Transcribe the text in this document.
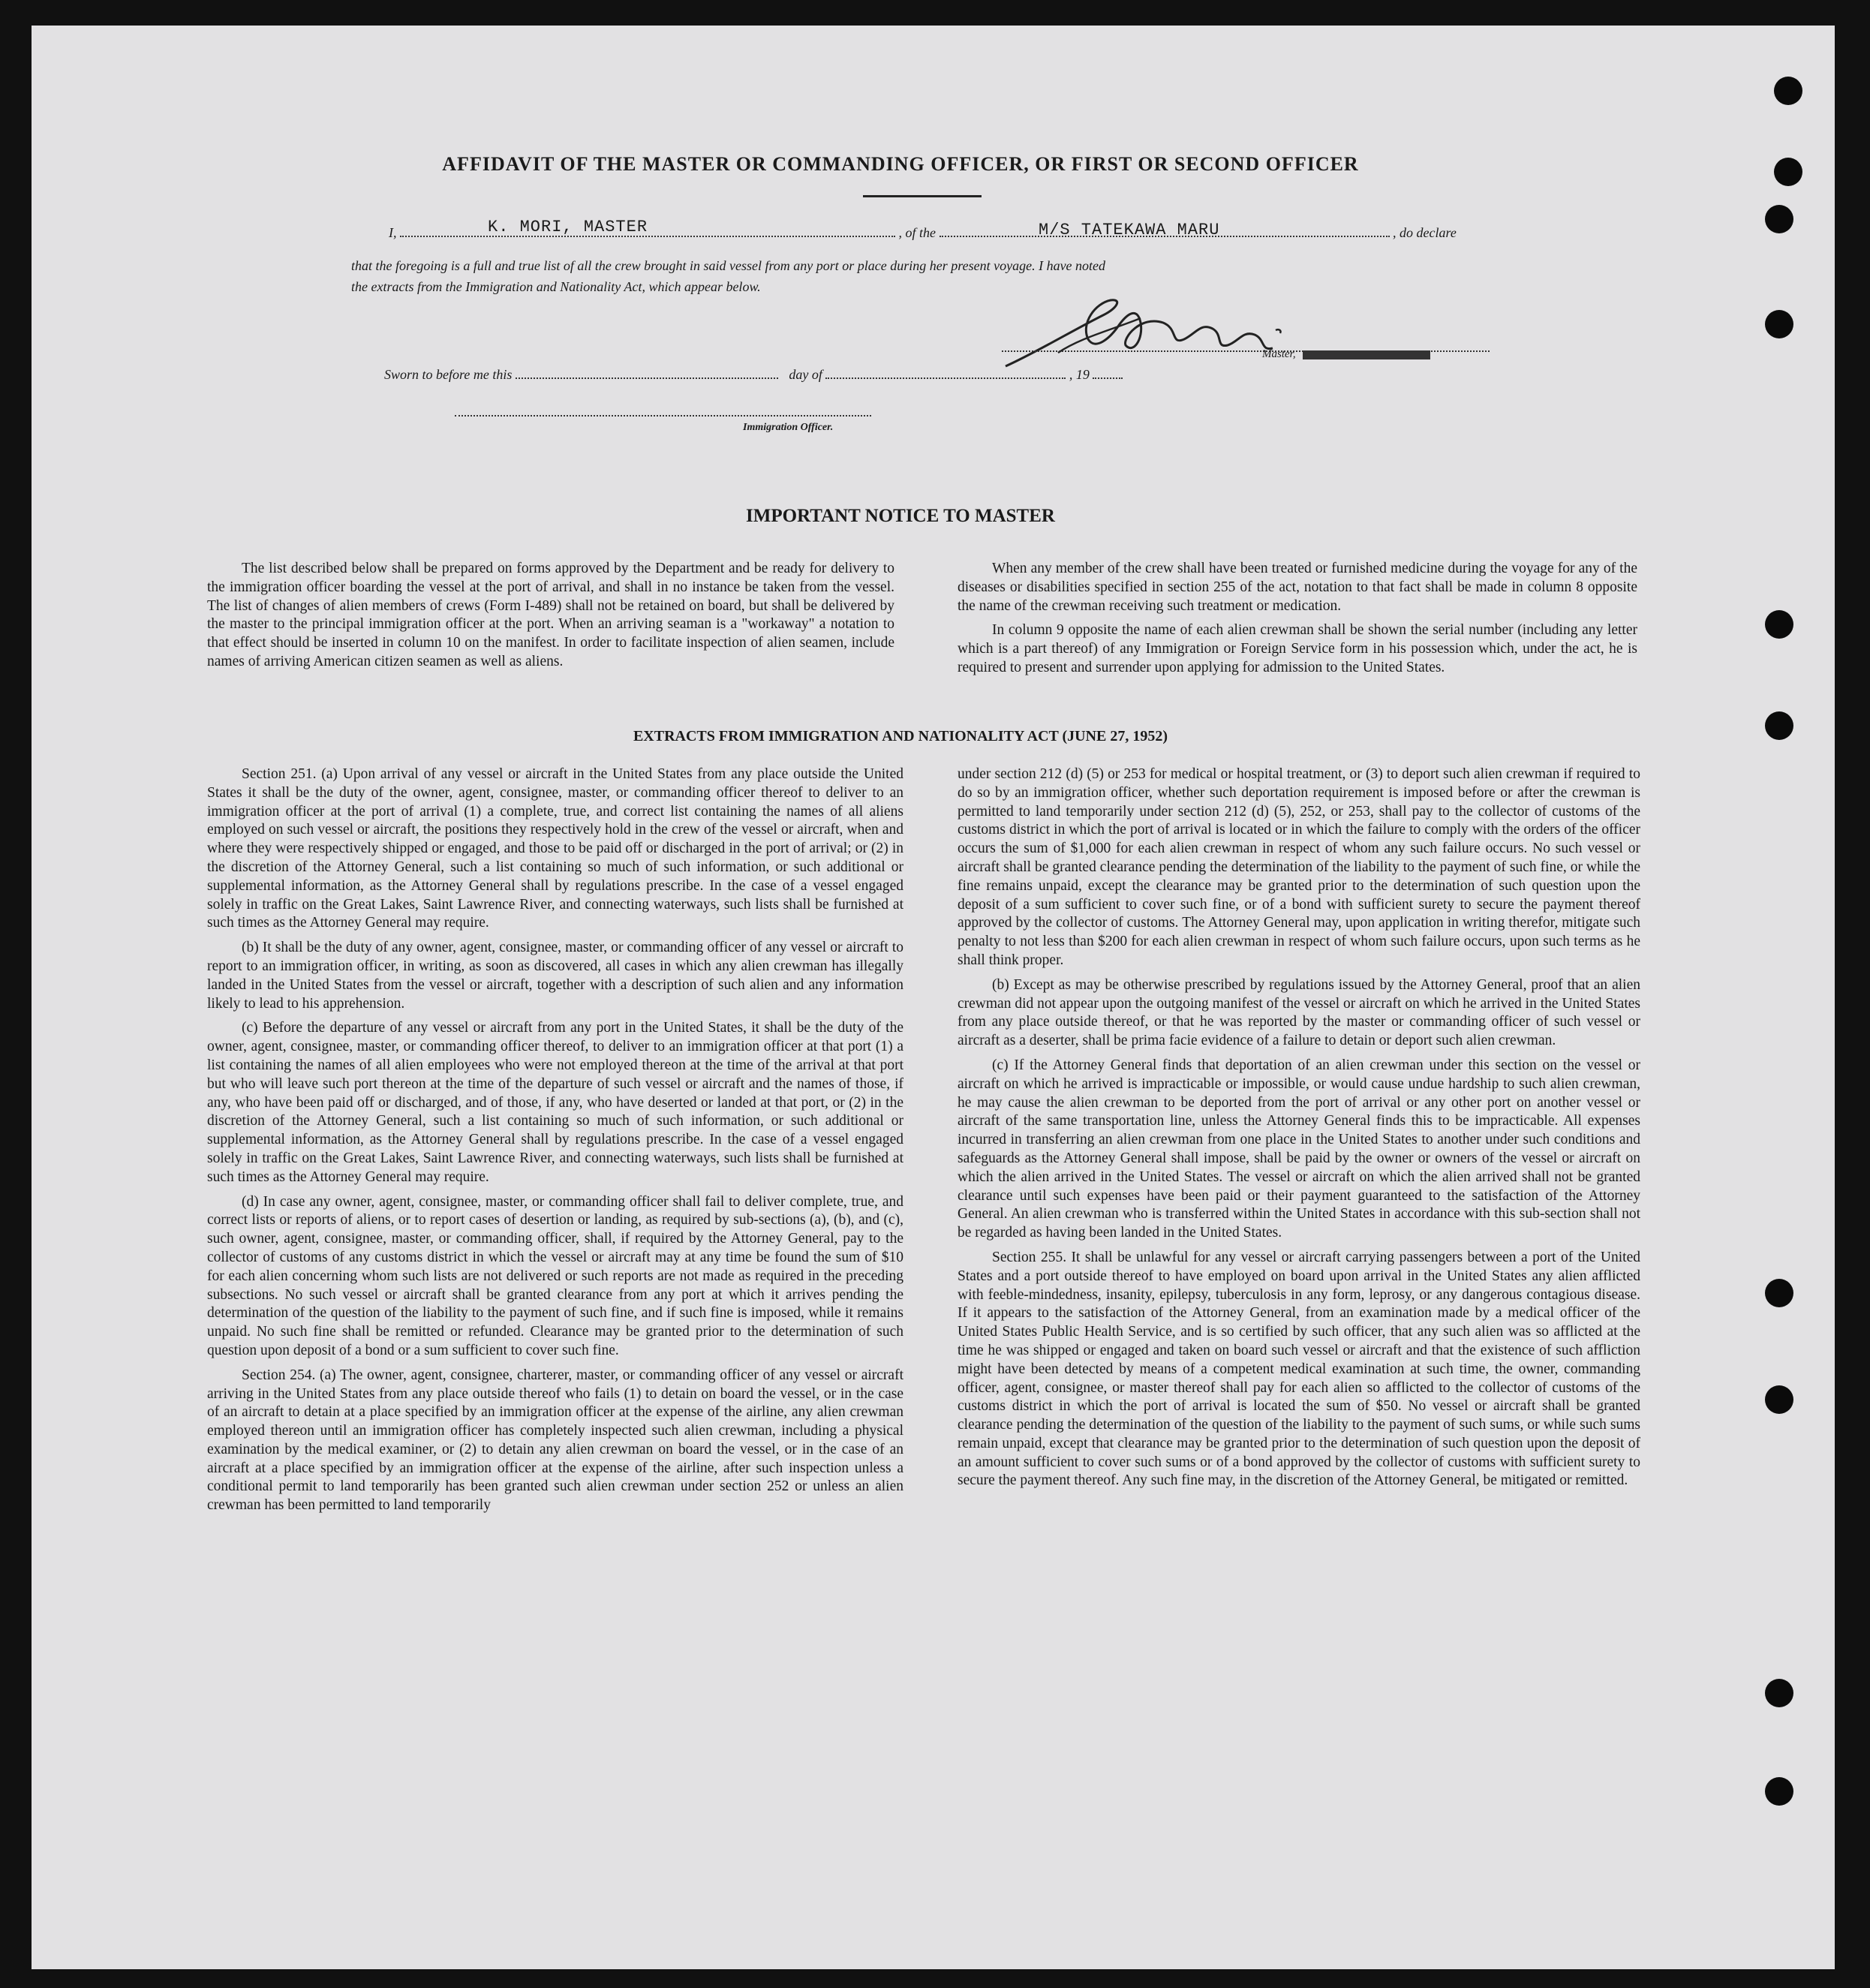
AFFIDAVIT OF THE MASTER OR COMMANDING OFFICER, OR FIRST OR SECOND OFFICER
I,	, of the	, do declare
K. MORI, MASTER	M/S TATEKAWA MARU
that the foregoing is a full and true list of all the crew brought in said vessel from any port or place during her present voyage. I have noted
the extracts from the Immigration and Nationality Act, which appear below.
Master,
Sworn to before me this	day of	, 19
Immigration Officer.
IMPORTANT NOTICE TO MASTER

The list described below shall be prepared on forms approved by the Department and be ready for delivery to the immigration officer boarding the vessel at the port of arrival, and shall in no instance be taken from the vessel. The list of changes of alien members of crews (Form I-489) shall not be retained on board, but shall be delivered by the master to the principal immigration officer at the port. When an arriving seaman is a "workaway" a notation to that effect should be inserted in column 10 on the manifest. In order to facilitate inspection of alien seamen, include names of arriving American citizen seamen as well as aliens.

When any member of the crew shall have been treated or furnished medicine during the voyage for any of the diseases or disabilities specified in section 255 of the act, notation to that fact shall be made in column 8 opposite the name of the crewman receiving such treatment or medication.

In column 9 opposite the name of each alien crewman shall be shown the serial number (including any letter which is a part thereof) of any Immigration or Foreign Service form in his possession which, under the act, he is required to present and surrender upon applying for admission to the United States.

EXTRACTS FROM IMMIGRATION AND NATIONALITY ACT (JUNE 27, 1952)

Section 251. (a) Upon arrival of any vessel or aircraft in the United States from any place outside the United States it shall be the duty of the owner, agent, consignee, master, or commanding officer thereof to deliver to an immigration officer at the port of arrival (1) a complete, true, and correct list containing the names of all aliens employed on such vessel or aircraft, the positions they respectively hold in the crew of the vessel or aircraft, when and where they were respectively shipped or engaged, and those to be paid off or discharged in the port of arrival; or (2) in the discretion of the Attorney General, such a list containing so much of such information, or such additional or supplemental information, as the Attorney General shall by regulations prescribe. In the case of a vessel engaged solely in traffic on the Great Lakes, Saint Lawrence River, and connecting waterways, such lists shall be furnished at such times as the Attorney General may require.

(b) It shall be the duty of any owner, agent, consignee, master, or commanding officer of any vessel or aircraft to report to an immigration officer, in writing, as soon as discovered, all cases in which any alien crewman has illegally landed in the United States from the vessel or aircraft, together with a description of such alien and any information likely to lead to his apprehension.

(c) Before the departure of any vessel or aircraft from any port in the United States, it shall be the duty of the owner, agent, consignee, master, or commanding officer thereof, to deliver to an immigration officer at that port (1) a list containing the names of all alien employees who were not employed thereon at the time of the arrival at that port but who will leave such port thereon at the time of the departure of such vessel or aircraft and the names of those, if any, who have been paid off or discharged, and of those, if any, who have deserted or landed at that port, or (2) in the discretion of the Attorney General, such a list containing so much of such information, or such additional or supplemental information, as the Attorney General shall by regulations prescribe. In the case of a vessel engaged solely in traffic on the Great Lakes, Saint Lawrence River, and connecting waterways, such lists shall be furnished at such times as the Attorney General may require.

(d) In case any owner, agent, consignee, master, or commanding officer shall fail to deliver complete, true, and correct lists or reports of aliens, or to report cases of desertion or landing, as required by sub-sections (a), (b), and (c), such owner, agent, consignee, master, or commanding officer, shall, if required by the Attorney General, pay to the collector of customs of any customs district in which the vessel or aircraft may at any time be found the sum of $10 for each alien concerning whom such lists are not delivered or such reports are not made as required in the preceding subsections. No such vessel or aircraft shall be granted clearance from any port at which it arrives pending the determination of the question of the liability to the payment of such fine, and if such fine is imposed, while it remains unpaid. No such fine shall be remitted or refunded. Clearance may be granted prior to the determination of such question upon deposit of a bond or a sum sufficient to cover such fine.

Section 254. (a) The owner, agent, consignee, charterer, master, or commanding officer of any vessel or aircraft arriving in the United States from any place outside thereof who fails (1) to detain on board the vessel, or in the case of an aircraft to detain at a place specified by an immigration officer at the expense of the airline, any alien crewman employed thereon until an immigration officer has completely inspected such alien crewman, including a physical examination by the medical examiner, or (2) to detain any alien crewman on board the vessel, or in the case of an aircraft at a place specified by an immigration officer at the expense of the airline, after such inspection unless a conditional permit to land temporarily has been granted such alien crewman under section 252 or unless an alien crewman has been permitted to land temporarily

under section 212 (d) (5) or 253 for medical or hospital treatment, or (3) to deport such alien crewman if required to do so by an immigration officer, whether such deportation requirement is imposed before or after the crewman is permitted to land temporarily under section 212 (d) (5), 252, or 253, shall pay to the collector of customs of the customs district in which the port of arrival is located or in which the failure to comply with the orders of the officer occurs the sum of $1,000 for each alien crewman in respect of whom any such failure occurs. No such vessel or aircraft shall be granted clearance pending the determination of the liability to the payment of such fine, or while the fine remains unpaid, except the clearance may be granted prior to the determination of such question upon the deposit of a sum sufficient to cover such fine, or of a bond with sufficient surety to secure the payment thereof approved by the collector of customs. The Attorney General may, upon application in writing therefor, mitigate such penalty to not less than $200 for each alien crewman in respect of whom such failure occurs, upon such terms as he shall think proper.

(b) Except as may be otherwise prescribed by regulations issued by the Attorney General, proof that an alien crewman did not appear upon the outgoing manifest of the vessel or aircraft on which he arrived in the United States from any place outside thereof, or that he was reported by the master or commanding officer of such vessel or aircraft as a deserter, shall be prima facie evidence of a failure to detain or deport such alien crewman.

(c) If the Attorney General finds that deportation of an alien crewman under this section on the vessel or aircraft on which he arrived is impracticable or impossible, or would cause undue hardship to such alien crewman, he may cause the alien crewman to be deported from the port of arrival or any other port on another vessel or aircraft of the same transportation line, unless the Attorney General finds this to be impracticable. All expenses incurred in transferring an alien crewman from one place in the United States to another under such conditions and safeguards as the Attorney General shall impose, shall be paid by the owner or owners of the vessel or aircraft on which the alien arrived in the United States. The vessel or aircraft on which the alien arrived shall not be granted clearance until such expenses have been paid or their payment guaranteed to the satisfaction of the Attorney General. An alien crewman who is transferred within the United States in accordance with this sub-section shall not be regarded as having been landed in the United States.

Section 255. It shall be unlawful for any vessel or aircraft carrying passengers between a port of the United States and a port outside thereof to have employed on board upon arrival in the United States any alien afflicted with feeble-mindedness, insanity, epilepsy, tuberculosis in any form, leprosy, or any dangerous contagious disease. If it appears to the satisfaction of the Attorney General, from an examination made by a medical officer of the United States Public Health Service, and is so certified by such officer, that any such alien was so afflicted at the time he was shipped or engaged and taken on board such vessel or aircraft and that the existence of such affliction might have been detected by means of a competent medical examination at such time, the owner, commanding officer, agent, consignee, or master thereof shall pay for each alien so afflicted to the collector of customs of the customs district in which the port of arrival is located the sum of $50. No vessel or aircraft shall be granted clearance pending the determination of the question of the liability to the payment of such sums, or while such sums remain unpaid, except that clearance may be granted prior to the determination of such question upon the deposit of an amount sufficient to cover such sums or of a bond approved by the collector of customs with sufficient surety to secure the payment thereof. Any such fine may, in the discretion of the Attorney General, be mitigated or remitted.
